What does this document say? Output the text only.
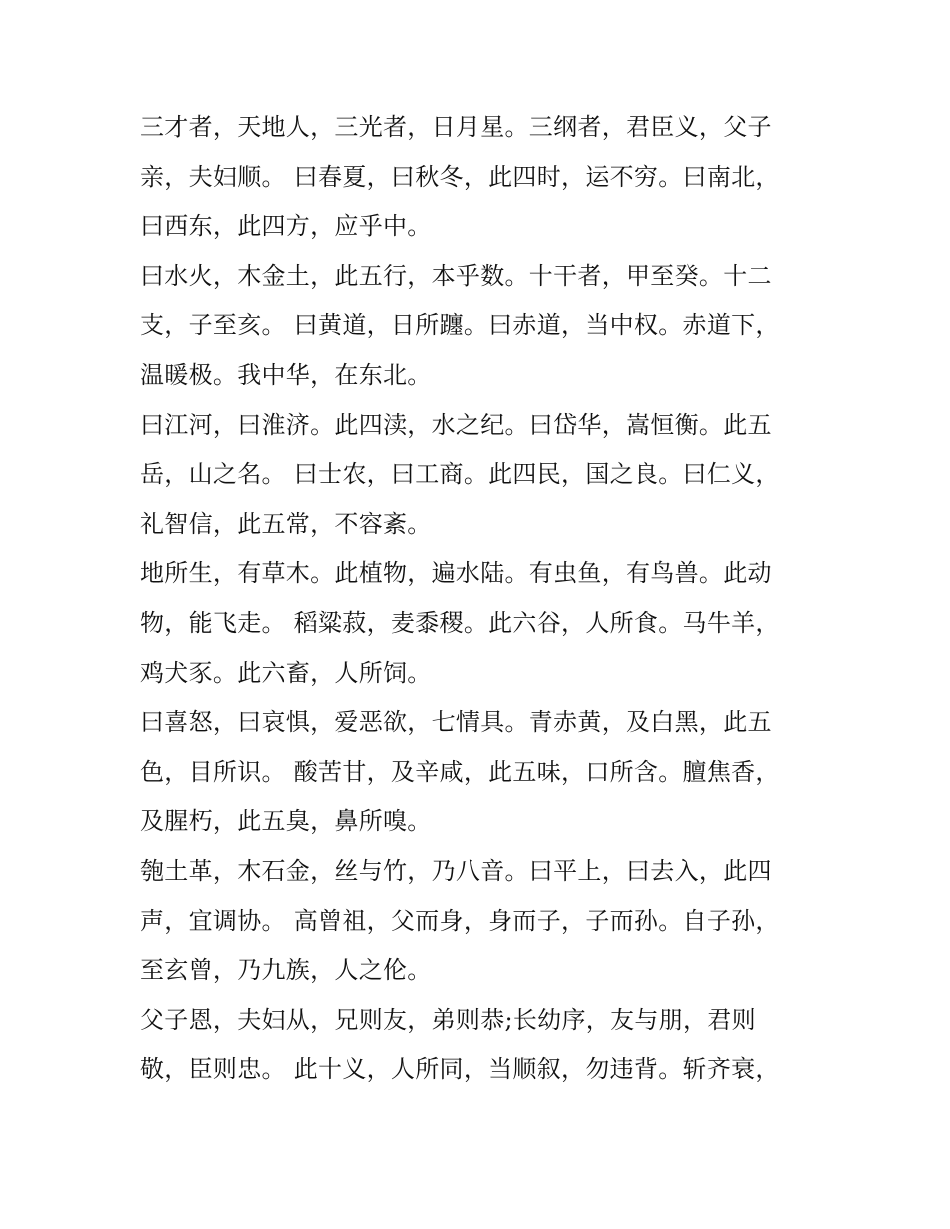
三才者，天地人，三光者，日月星。三纲者，君臣义，父子
亲，夫妇顺。 曰春夏，曰秋冬，此四时，运不穷。曰南北，
曰西东，此四方，应乎中。
曰水火，木金土，此五行，本乎数。十干者，甲至癸。十二
支，子至亥。 曰黄道，日所躔。曰赤道，当中权。赤道下，
温暖极。我中华，在东北。
曰江河，曰淮济。此四渎，水之纪。曰岱华，嵩恒衡。此五
岳，山之名。 曰士农，曰工商。此四民，国之良。曰仁义，
礼智信，此五常，不容紊。
地所生，有草木。此植物，遍水陆。有虫鱼，有鸟兽。此动
物，能飞走。 稻粱菽，麦黍稷。此六谷，人所食。马牛羊，
鸡犬豕。此六畜，人所饲。
曰喜怒，曰哀惧，爱恶欲，七情具。青赤黄，及白黑，此五
色，目所识。 酸苦甘，及辛咸，此五味，口所含。膻焦香，
及腥朽，此五臭，鼻所嗅。
匏土革，木石金，丝与竹，乃八音。曰平上，曰去入，此四
声，宜调协。 高曾祖，父而身，身而子，子而孙。自子孙，
至玄曾，乃九族，人之伦。
父子恩，夫妇从，兄则友，弟则恭;长幼序，友与朋，君则
敬，臣则忠。 此十义，人所同，当顺叙，勿违背。斩齐衰，
